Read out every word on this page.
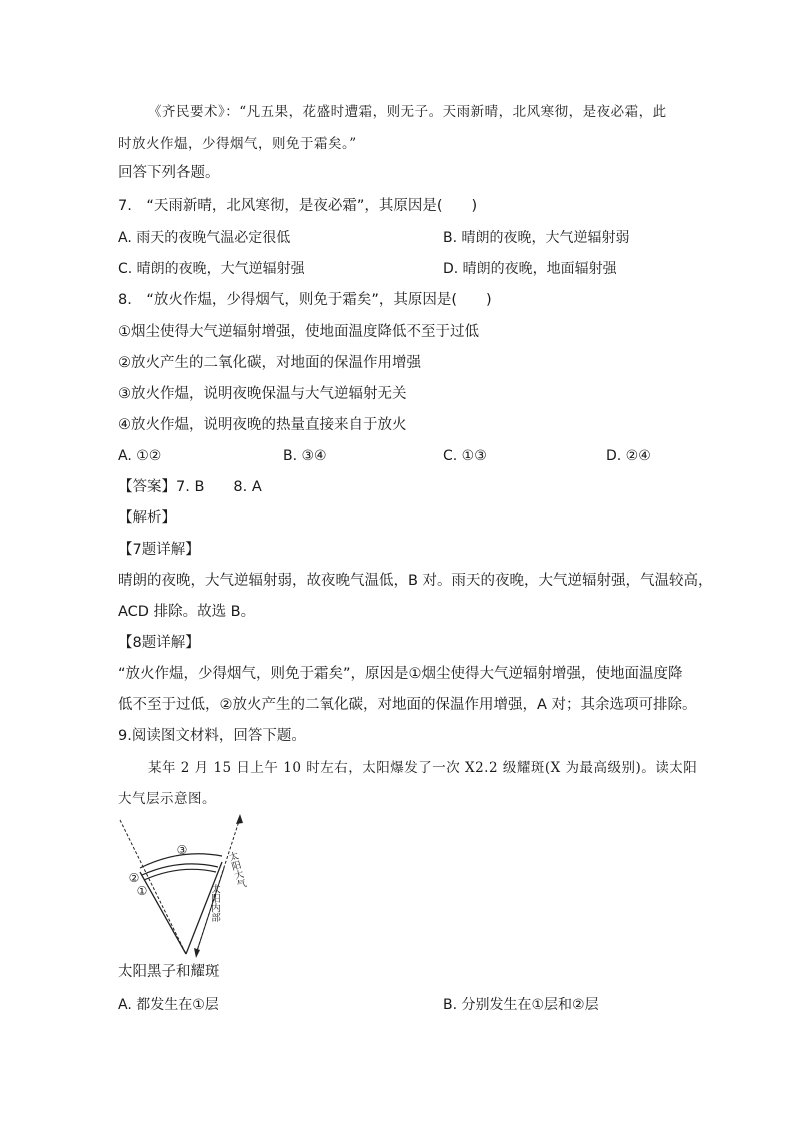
《齐民要术》：“凡五果，花盛时遭霜，则无子。天雨新晴，北风寒彻，是夜必霜，此
时放火作煴，少得烟气，则免于霜矣。”
回答下列各题。
7.　“天雨新晴，北风寒彻，是夜必霜”，其原因是(　　)
A. 雨天的夜晚气温必定很低	B. 晴朗的夜晚，大气逆辐射弱
C. 晴朗的夜晚，大气逆辐射强	D. 晴朗的夜晚，地面辐射强
8.　“放火作煴，少得烟气，则免于霜矣”，其原因是(　　)
①烟尘使得大气逆辐射增强，使地面温度降低不至于过低
②放火产生的二氧化碳，对地面的保温作用增强
③放火作煴，说明夜晚保温与大气逆辐射无关
④放火作煴，说明夜晚的热量直接来自于放火
A. ①②	B. ③④	C. ①③	D. ②④
【答案】7. B　　8. A
【解析】
【7题详解】
晴朗的夜晚，大气逆辐射弱，故夜晚气温低，B 对。雨天的夜晚，大气逆辐射强，气温较高，
ACD 排除。故选 B。
【8题详解】
“放火作煴，少得烟气，则免于霜矣”，原因是①烟尘使得大气逆辐射增强，使地面温度降
低不至于过低，②放火产生的二氧化碳，对地面的保温作用增强，A 对；其余选项可排除。
9.阅读图文材料，回答下题。
某年 2 月 15 日上午 10 时左右，太阳爆发了一次 X2.2 级耀斑(X 为最高级别)。读太阳
大气层示意图。
③
②
①	太阳内部 太阳大气
太阳黑子和耀斑
A. 都发生在①层	B. 分别发生在①层和②层
